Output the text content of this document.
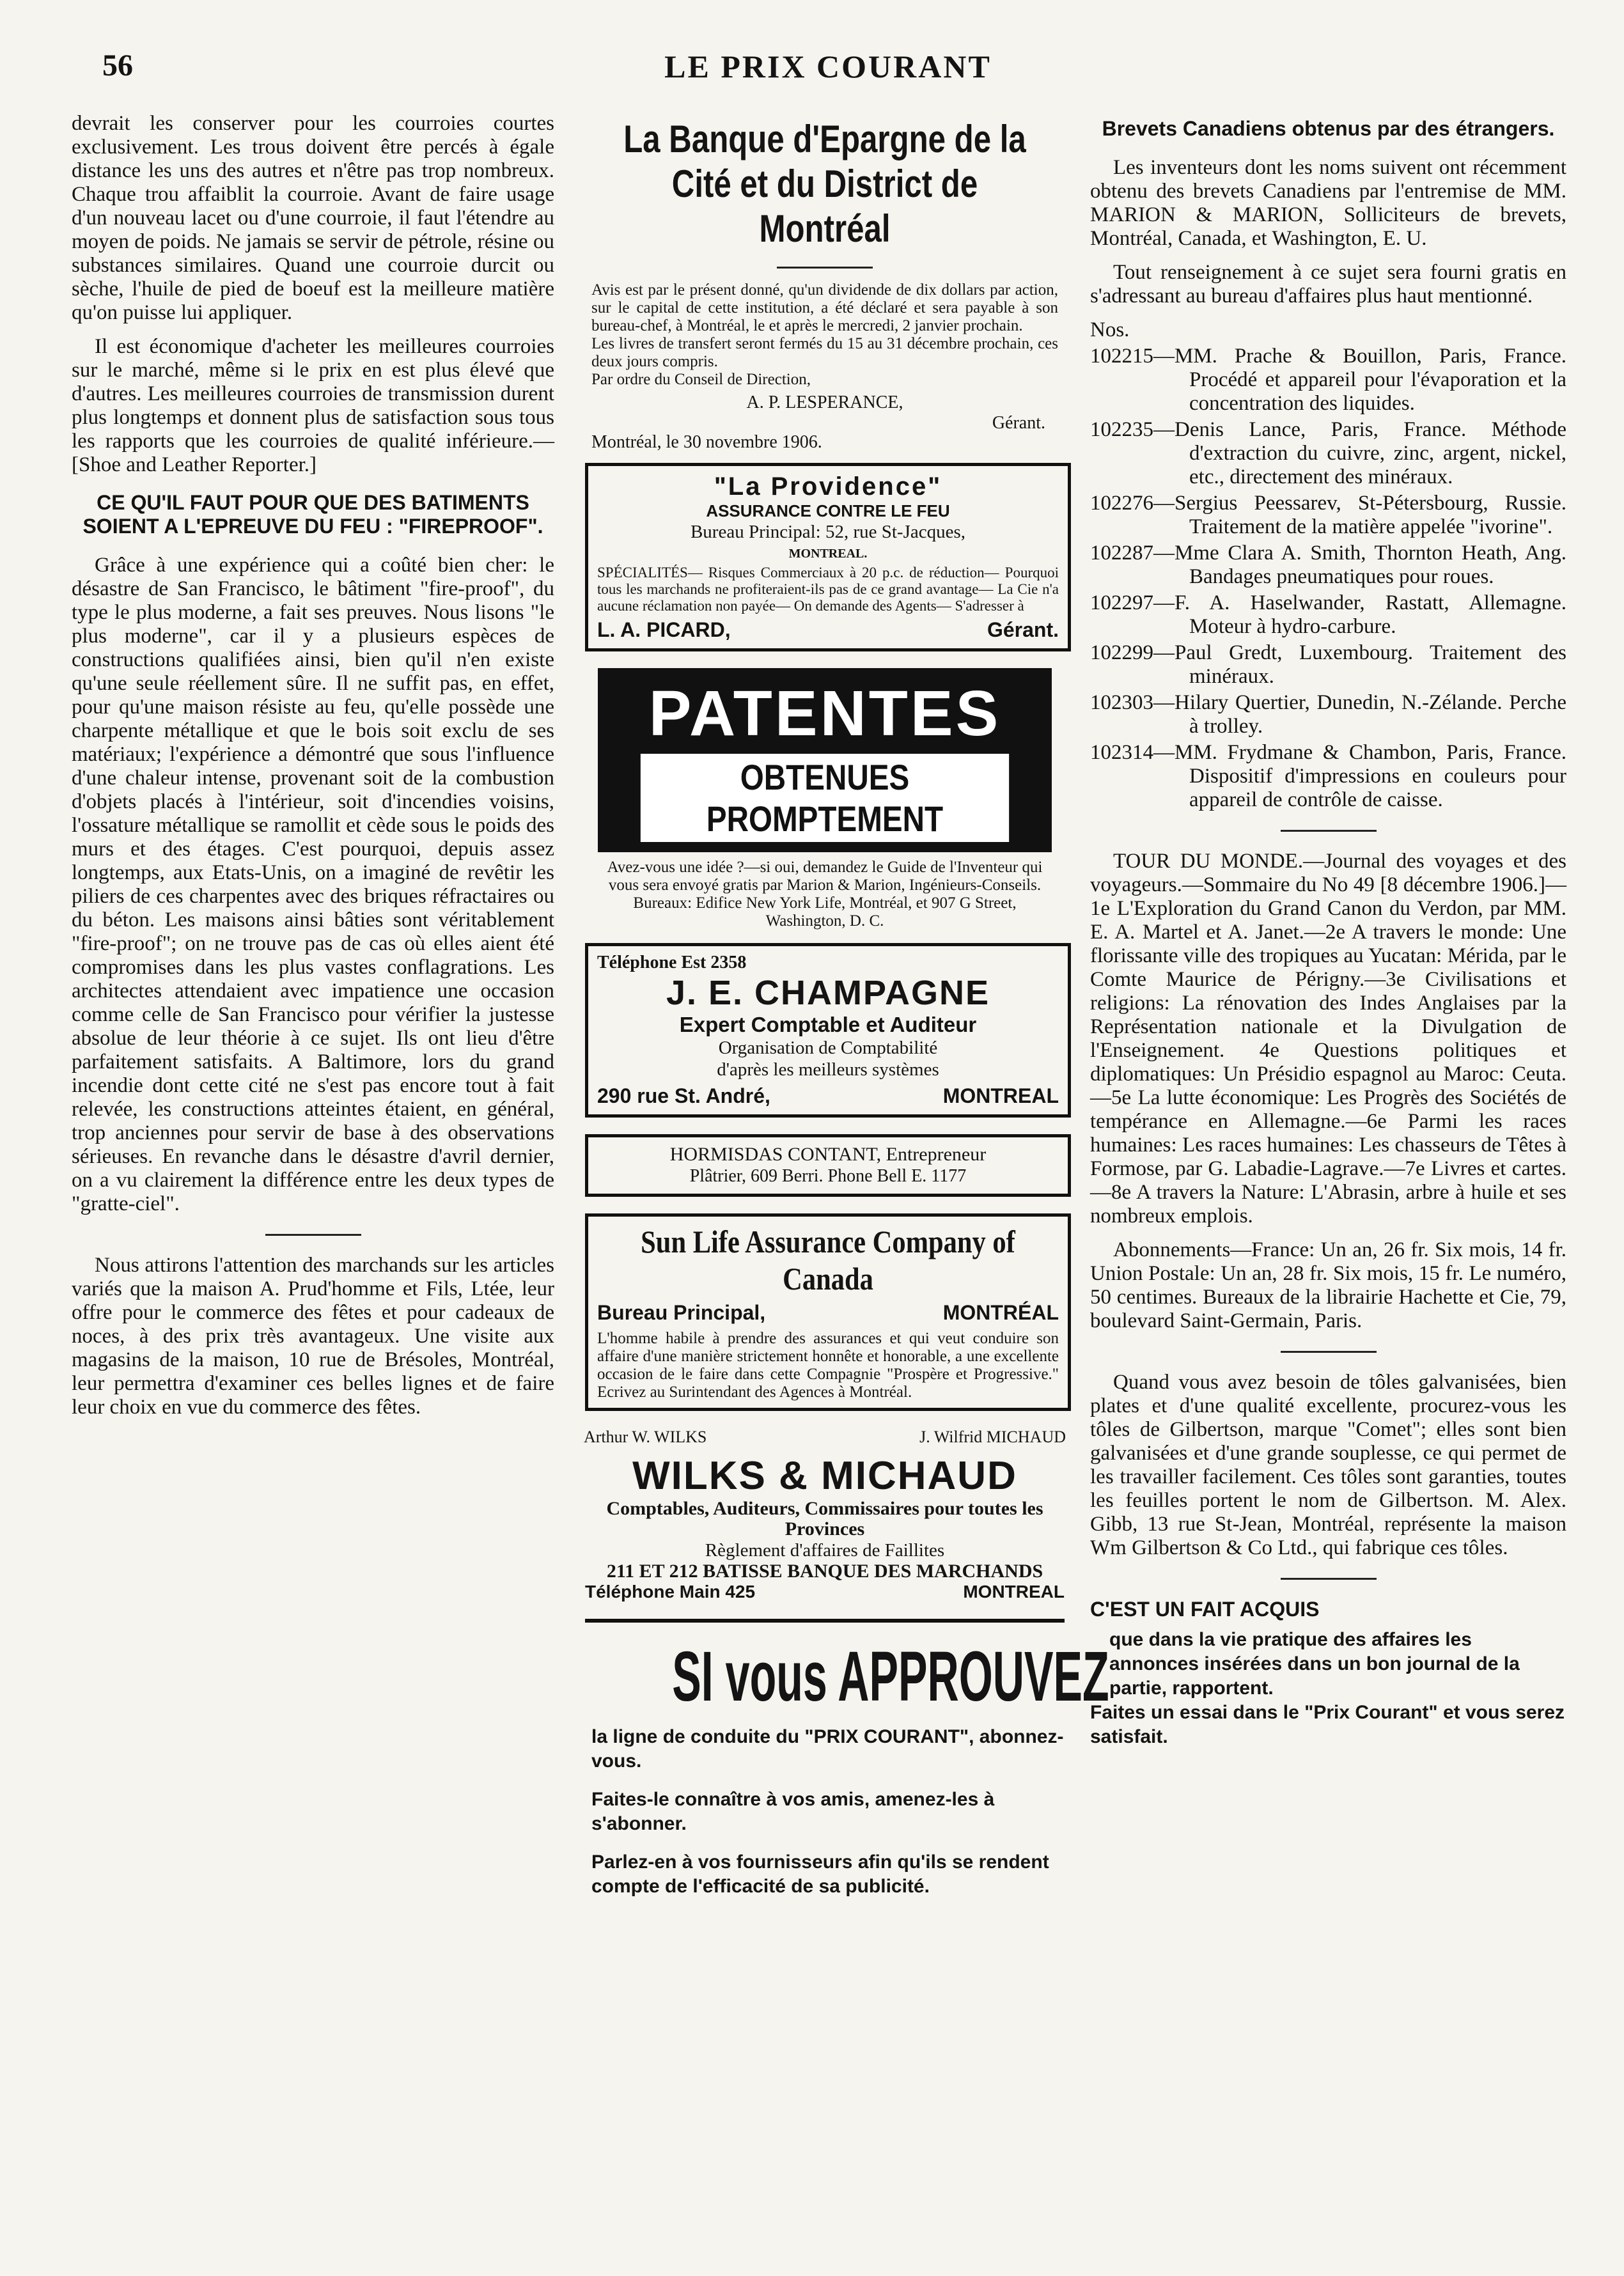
56	LE PRIX COURANT

devrait les conserver pour les courroies courtes exclusivement. Les trous doivent être percés à égale distance les uns des autres et n'être pas trop nombreux. Chaque trou affaiblit la courroie. Avant de faire usage d'un nouveau lacet ou d'une courroie, il faut l'étendre au moyen de poids. Ne jamais se servir de pétrole, résine ou substances similaires. Quand une courroie durcit ou sèche, l'huile de pied de boeuf est la meilleure matière qu'on puisse lui appliquer.

Il est économique d'acheter les meilleures courroies sur le marché, même si le prix en est plus élevé que d'autres. Les meilleures courroies de transmission durent plus longtemps et donnent plus de satisfaction sous tous les rapports que les courroies de qualité inférieure.—[Shoe and Leather Reporter.]

CE QU'IL FAUT POUR QUE DES BATIMENTS SOIENT A L'EPREUVE DU FEU : "FIREPROOF".

Grâce à une expérience qui a coûté bien cher: le désastre de San Francisco, le bâtiment "fire-proof", du type le plus moderne, a fait ses preuves. Nous lisons "le plus moderne", car il y a plusieurs espèces de constructions qualifiées ainsi, bien qu'il n'en existe qu'une seule réellement sûre. Il ne suffit pas, en effet, pour qu'une maison résiste au feu, qu'elle possède une charpente métallique et que le bois soit exclu de ses matériaux; l'expérience a démontré que sous l'influence d'une chaleur intense, provenant soit de la combustion d'objets placés à l'intérieur, soit d'incendies voisins, l'ossature métallique se ramollit et cède sous le poids des murs et des étages. C'est pourquoi, depuis assez longtemps, aux Etats-Unis, on a imaginé de revêtir les piliers de ces charpentes avec des briques réfractaires ou du béton. Les maisons ainsi bâties sont véritablement "fire-proof"; on ne trouve pas de cas où elles aient été compromises dans les plus vastes conflagrations. Les architectes attendaient avec impatience une occasion comme celle de San Francisco pour vérifier la justesse absolue de leur théorie à ce sujet. Ils ont lieu d'être parfaitement satisfaits. A Baltimore, lors du grand incendie dont cette cité ne s'est pas encore tout à fait relevée, les constructions atteintes étaient, en général, trop anciennes pour servir de base à des observations sérieuses. En revanche dans le désastre d'avril dernier, on a vu clairement la différence entre les deux types de "gratte-ciel".

Nous attirons l'attention des marchands sur les articles variés que la maison A. Prud'homme et Fils, Ltée, leur offre pour le commerce des fêtes et pour cadeaux de noces, à des prix très avantageux. Une visite aux magasins de la maison, 10 rue de Brésoles, Montréal, leur permettra d'examiner ces belles lignes et de faire leur choix en vue du commerce des fêtes.

La Banque d'Epargne de la Cité et du District de Montréal

Avis est par le présent donné, qu'un dividende de dix dollars par action, sur le capital de cette institution, a été déclaré et sera payable à son bureau-chef, à Montréal, le et après le mercredi, 2 janvier prochain.

Les livres de transfert seront fermés du 15 au 31 décembre prochain, ces deux jours compris.

Par ordre du Conseil de Direction,

A. P. LESPERANCE,
Gérant.
Montréal, le 30 novembre 1906.
"La Providence"
ASSURANCE CONTRE LE FEU
Bureau Principal: 52, rue St-Jacques,
MONTREAL.
SPÉCIALITÉS— Risques Commerciaux à 20 p.c. de réduction— Pourquoi tous les marchands ne profiteraient-ils pas de ce grand avantage— La Cie n'a aucune réclamation non payée— On demande des Agents— S'adresser à
L. A. PICARD,	Gérant.
PATENTES
OBTENUES PROMPTEMENT
Avez-vous une idée ?—si oui, demandez le Guide de l'Inventeur qui vous sera envoyé gratis par Marion & Marion, Ingénieurs-Conseils.
Bureaux: Edifice New York Life, Montréal, et 907 G Street, Washington, D. C.
Téléphone Est 2358
J. E. CHAMPAGNE
Expert Comptable et Auditeur
Organisation de Comptabilité
d'après les meilleurs systèmes
290 rue St. André,	MONTREAL
HORMISDAS CONTANT, Entrepreneur
Plâtrier, 609 Berri. Phone Bell E. 1177
Sun Life Assurance Company of Canada
Bureau Principal,	MONTRÉAL
L'homme habile à prendre des assurances et qui veut conduire son affaire d'une manière strictement honnête et honorable, a une excellente occasion de le faire dans cette Compagnie "Prospère et Progressive." Ecrivez au Surintendant des Agences à Montréal.
Arthur W. WILKS	J. Wilfrid MICHAUD
WILKS & MICHAUD
Comptables, Auditeurs, Commissaires pour toutes les Provinces
Règlement d'affaires de Faillites
211 ET 212 BATISSE BANQUE DES MARCHANDS
Téléphone Main 425	MONTREAL
SI vous APPROUVEZ
la ligne de conduite du "PRIX COURANT", abonnez-vous.
Faites-le connaître à vos amis, amenez-les à s'abonner.
Parlez-en à vos fournisseurs afin qu'ils se rendent compte de l'efficacité de sa publicité.
Brevets Canadiens obtenus par des étrangers.

Les inventeurs dont les noms suivent ont récemment obtenu des brevets Canadiens par l'entremise de MM. MARION & MARION, Solliciteurs de brevets, Montréal, Canada, et Washington, E. U.

Tout renseignement à ce sujet sera fourni gratis en s'adressant au bureau d'affaires plus haut mentionné.

Nos.
102215—MM. Prache & Bouillon, Paris, France. Procédé et appareil pour l'évaporation et la concentration des liquides.
102235—Denis Lance, Paris, France. Méthode d'extraction du cuivre, zinc, argent, nickel, etc., directement des minéraux.
102276—Sergius Peessarev, St-Pétersbourg, Russie. Traitement de la matière appelée "ivorine".
102287—Mme Clara A. Smith, Thornton Heath, Ang. Bandages pneumatiques pour roues.
102297—F. A. Haselwander, Rastatt, Allemagne. Moteur à hydro-carbure.
102299—Paul Gredt, Luxembourg. Traitement des minéraux.
102303—Hilary Quertier, Dunedin, N.-Zélande. Perche à trolley.
102314—MM. Frydmane & Chambon, Paris, France. Dispositif d'impressions en couleurs pour appareil de contrôle de caisse.

TOUR DU MONDE.—Journal des voyages et des voyageurs.—Sommaire du No 49 [8 décembre 1906.]—1e L'Exploration du Grand Canon du Verdon, par MM. E. A. Martel et A. Janet.—2e A travers le monde: Une florissante ville des tropiques au Yucatan: Mérida, par le Comte Maurice de Périgny.—3e Civilisations et religions: La rénovation des Indes Anglaises par la Représentation nationale et la Divulgation de l'Enseignement. 4e Questions politiques et diplomatiques: Un Présidio espagnol au Maroc: Ceuta. —5e La lutte économique: Les Progrès des Sociétés de tempérance en Allemagne.—6e Parmi les races humaines: Les races humaines: Les chasseurs de Têtes à Formose, par G. Labadie-Lagrave.—7e Livres et cartes.—8e A travers la Nature: L'Abrasin, arbre à huile et ses nombreux emplois.

Abonnements—France: Un an, 26 fr. Six mois, 14 fr. Union Postale: Un an, 28 fr. Six mois, 15 fr. Le numéro, 50 centimes. Bureaux de la librairie Hachette et Cie, 79, boulevard Saint-Germain, Paris.

Quand vous avez besoin de tôles galvanisées, bien plates et d'une qualité excellente, procurez-vous les tôles de Gilbertson, marque "Comet"; elles sont bien galvanisées et d'une grande souplesse, ce qui permet de les travailler facilement. Ces tôles sont garanties, toutes les feuilles portent le nom de Gilbertson. M. Alex. Gibb, 13 rue St-Jean, Montréal, représente la maison Wm Gilbertson & Co Ltd., qui fabrique ces tôles.

C'EST UN FAIT ACQUIS
que dans la vie pratique des affaires les annonces insérées dans un bon journal de la partie, rapportent.
Faites un essai dans le "Prix Courant" et vous serez satisfait.
